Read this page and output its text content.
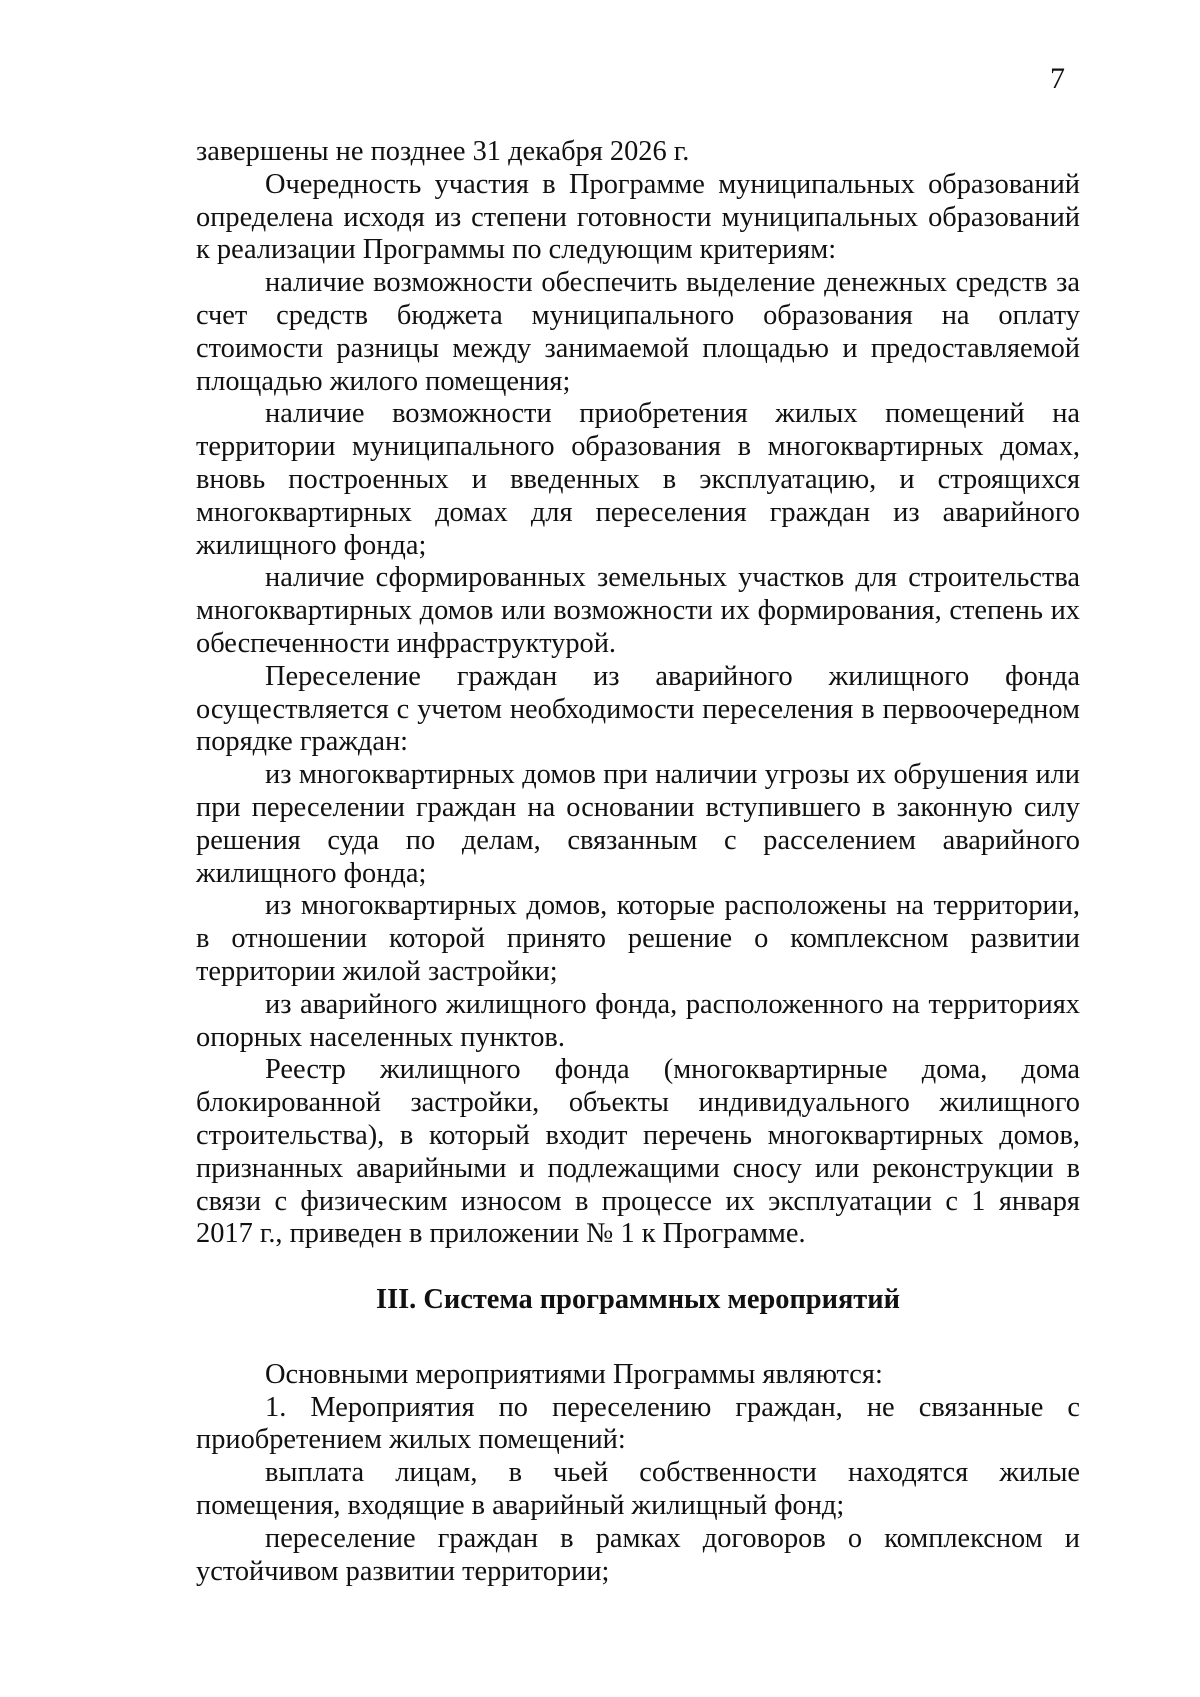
7

завершены не позднее 31 декабря 2026 г.

Очередность участия в Программе муниципальных образований определена исходя из степени готовности муниципальных образований к реализации Программы по следующим критериям:

наличие возможности обеспечить выделение денежных средств за счет средств бюджета муниципального образования на оплату стоимости разницы между занимаемой площадью и предоставляемой площадью жилого помещения;

наличие возможности приобретения жилых помещений на территории муниципального образования в многоквартирных домах, вновь построенных и введенных в эксплуатацию, и строящихся многоквартирных домах для переселения граждан из аварийного жилищного фонда;

наличие сформированных земельных участков для строительства многоквартирных домов или возможности их формирования, степень их обеспеченности инфраструктурой.

Переселение граждан из аварийного жилищного фонда осуществляется с учетом необходимости переселения в первоочередном порядке граждан:

из многоквартирных домов при наличии угрозы их обрушения или при переселении граждан на основании вступившего в законную силу решения суда по делам, связанным с расселением аварийного жилищного фонда;

из многоквартирных домов, которые расположены на территории, в отношении которой принято решение о комплексном развитии территории жилой застройки;

из аварийного жилищного фонда, расположенного на территориях опорных населенных пунктов.

Реестр жилищного фонда (многоквартирные дома, дома блокированной застройки, объекты индивидуального жилищного строительства), в который входит перечень многоквартирных домов, признанных аварийными и подлежащими сносу или реконструкции в связи с физическим износом в процессе их эксплуатации с 1 января 2017 г., приведен в приложении № 1 к Программе.

III. Система программных мероприятий

Основными мероприятиями Программы являются:

1. Мероприятия по переселению граждан, не связанные с приобретением жилых помещений:

выплата лицам, в чьей собственности находятся жилые помещения, входящие в аварийный жилищный фонд;

переселение граждан в рамках договоров о комплексном и устойчивом развитии территории;
